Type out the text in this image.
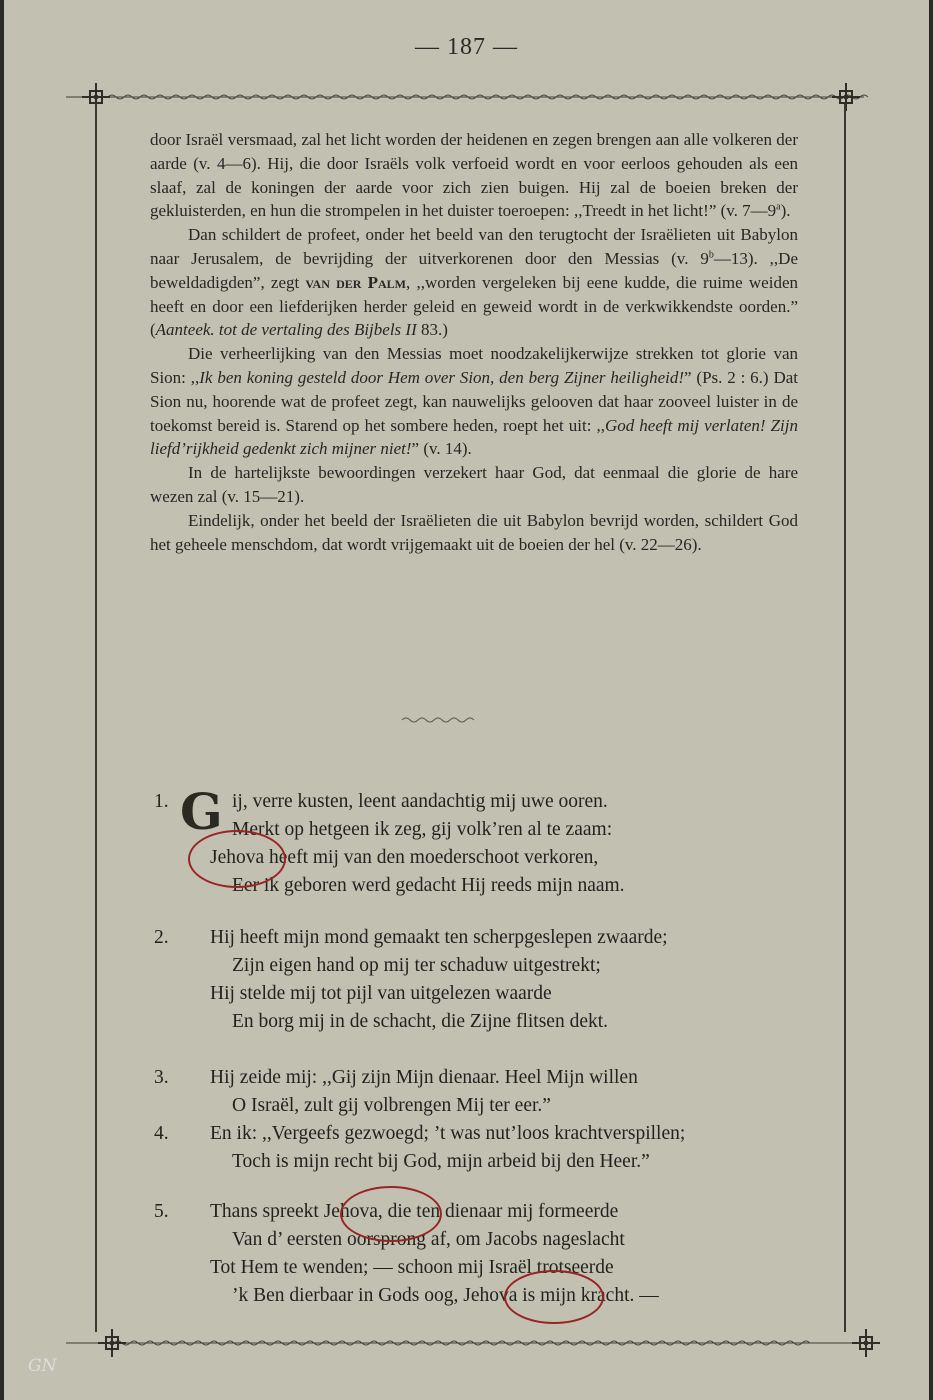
— 187 —

door Israël versmaad, zal het licht worden der heidenen en zegen brengen aan alle volkeren der aarde (v. 4—6). Hij, die door Israëls volk verfoeid wordt en voor eerloos gehouden als een slaaf, zal de koningen der aarde voor zich zien buigen. Hij zal de boeien breken der gekluisterden, en hun die strompelen in het duister toeroepen: ,,Treedt in het licht!” (v. 7—9$^a$).

Dan schildert de profeet, onder het beeld van den terugtocht der Israëlieten uit Babylon naar Jerusalem, de bevrijding der uitverkorenen door den Messias (v. 9$^b$—13). ,,De beweldadigden”, zegt van der Palm, ,,worden vergeleken bij eene kudde, die ruime weiden heeft en door een liefderijken herder geleid en geweid wordt in de verkwikkendste oorden.” (Aanteek. tot de vertaling des Bijbels II 83.)

Die verheerlijking van den Messias moet noodzakelijkerwijze strekken tot glorie van Sion: ,,Ik ben koning gesteld door Hem over Sion, den berg Zijner heiligheid!” (Ps. 2 : 6.) Dat Sion nu, hoorende wat de profeet zegt, kan nauwelijks gelooven dat haar zooveel luister in de toekomst bereid is. Starend op het sombere heden, roept het uit: ,,God heeft mij verlaten! Zijn liefd’rijkheid gedenkt zich mijner niet!” (v. 14).

In de hartelijkste bewoordingen verzekert haar God, dat eenmaal die glorie de hare wezen zal (v. 15—21).

Eindelijk, onder het beeld der Israëlieten die uit Babylon bevrijd worden, schildert God het geheele menschdom, dat wordt vrijgemaakt uit de boeien der hel (v. 22—26).

G
1.	ij, verre kusten, leent aandachtig mij uwe ooren.
Merkt op hetgeen ik zeg, gij volk’ren al te zaam:
Jehova heeft mij van den moederschoot verkoren,
Eer ik geboren werd gedacht Hij reeds mijn naam.
2.	Hij heeft mijn mond gemaakt ten scherpgeslepen zwaarde;
Zijn eigen hand op mij ter schaduw uitgestrekt;
Hij stelde mij tot pijl van uitgelezen waarde
En borg mij in de schacht, die Zijne flitsen dekt.
3.	Hij zeide mij: ,,Gij zijn Mijn dienaar. Heel Mijn willen
O Israël, zult gij volbrengen Mij ter eer.”
4.	En ik: ,,Vergeefs gezwoegd; ’t was nut’loos krachtverspillen;
Toch is mijn recht bij God, mijn arbeid bij den Heer.”
5.	Thans spreekt Jehova, die ten dienaar mij formeerde
Van d’ eersten oorsprong af, om Jacobs nageslacht
Tot Hem te wenden; — schoon mij Israël trotseerde
’k Ben dierbaar in Gods oog, Jehova is mijn kracht. —
GN
